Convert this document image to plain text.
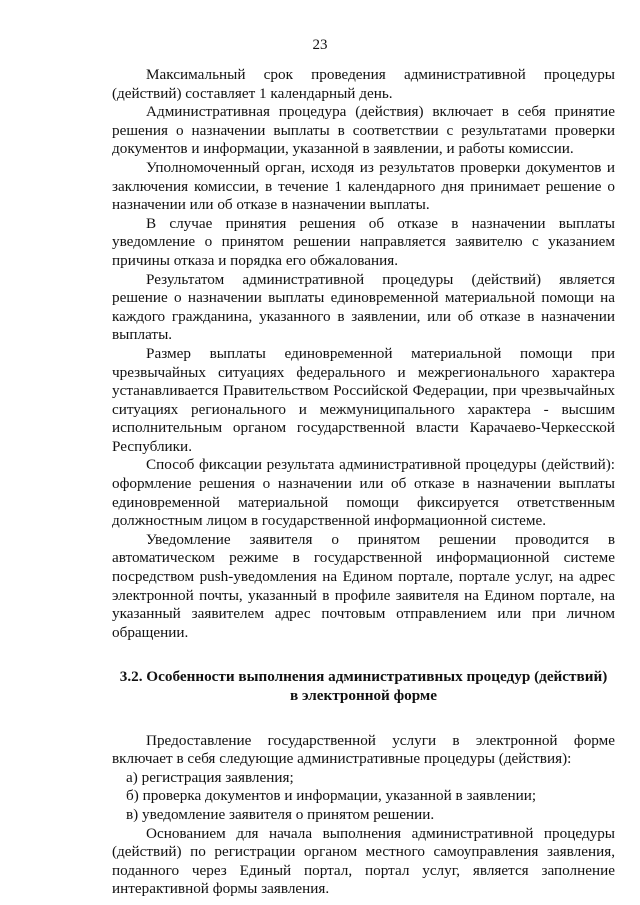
23

Максимальный срок проведения административной процедуры (действий) составляет 1 календарный день.

Административная процедура (действия) включает в себя принятие решения о назначении выплаты в соответствии с результатами проверки документов и информации, указанной в заявлении, и работы комиссии.

Уполномоченный орган, исходя из результатов проверки документов и заключения комиссии, в течение 1 календарного дня принимает решение о назначении или об отказе в назначении выплаты.

В случае принятия решения об отказе в назначении выплаты уведомление о принятом решении направляется заявителю с указанием причины отказа и порядка его обжалования.

Результатом административной процедуры (действий) является решение о назначении выплаты единовременной материальной помощи на каждого гражданина, указанного в заявлении, или об отказе в назначении выплаты.

Размер выплаты единовременной материальной помощи при чрезвычайных ситуациях федерального и межрегионального характера устанавливается Правительством Российской Федерации, при чрезвычайных ситуациях регионального и межмуниципального характера - высшим исполнительным органом государственной власти Карачаево-Черкесской Республики.

Способ фиксации результата административной процедуры (действий): оформление решения о назначении или об отказе в назначении выплаты единовременной материальной помощи фиксируется ответственным должностным лицом в государственной информационной системе.

Уведомление заявителя о принятом решении проводится в автоматическом режиме в государственной информационной системе посредством push-уведомления на Едином портале, портале услуг, на адрес электронной почты, указанный в профиле заявителя на Едином портале, на указанный заявителем адрес почтовым отправлением или при личном обращении.

3.2. Особенности выполнения административных процедур (действий)
в электронной форме

Предоставление государственной услуги в электронной форме включает в себя следующие административные процедуры (действия):

а) регистрация заявления;

б) проверка документов и информации, указанной в заявлении;

в) уведомление заявителя о принятом решении.

Основанием для начала выполнения административной процедуры (действий) по регистрации органом местного самоуправления заявления, поданного через Единый портал, портал услуг, является заполнение интерактивной формы заявления.
